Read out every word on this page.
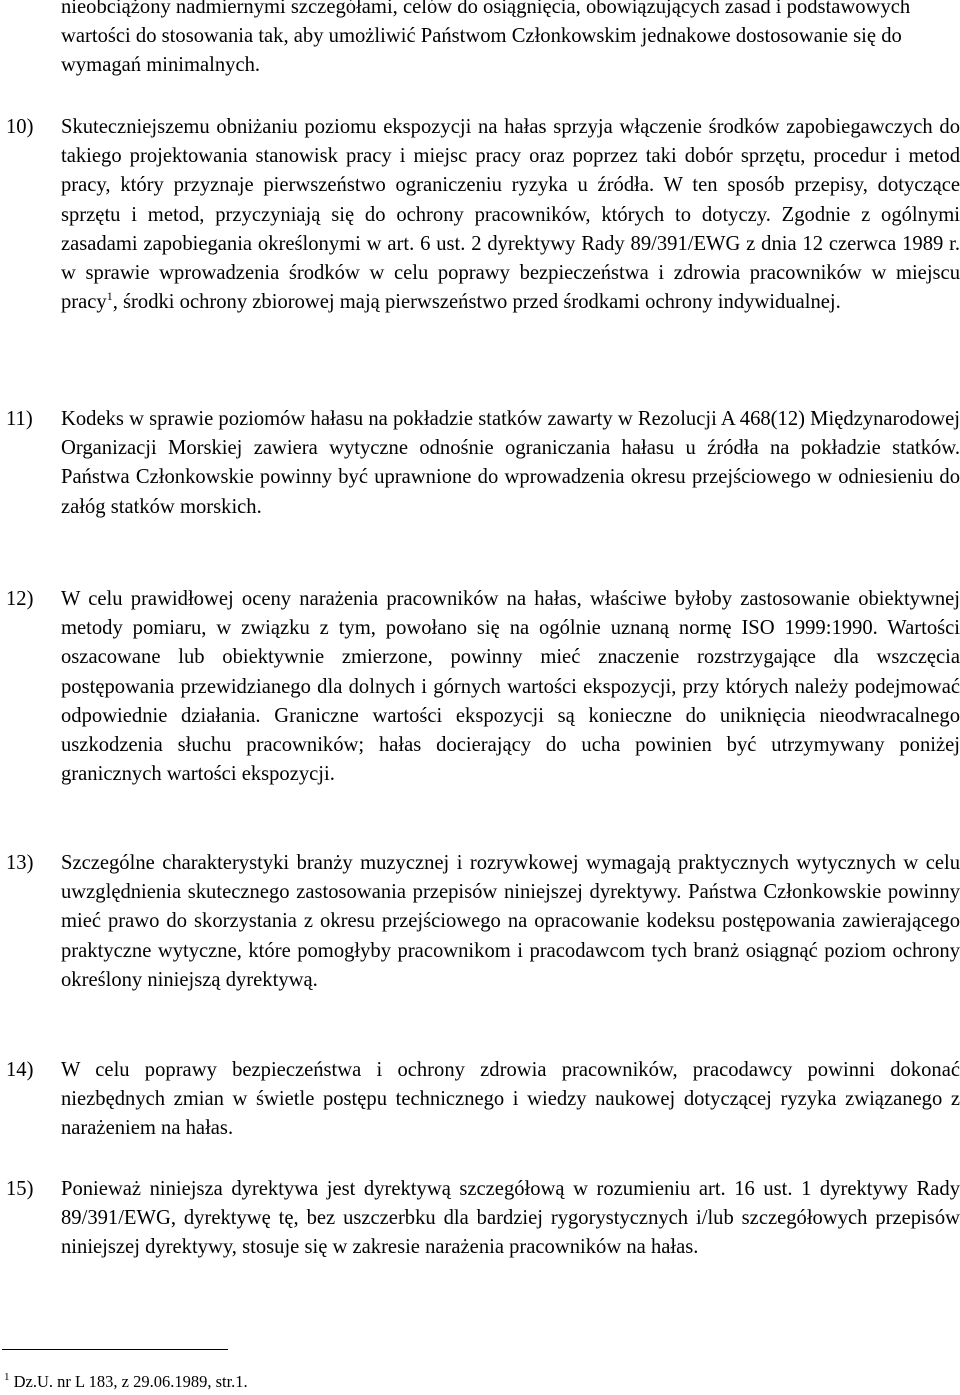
nieobciążony nadmiernymi szczegółami, celów do osiągnięcia, obowiązujących zasad i podstawowych wartości do stosowania tak, aby umożliwić Państwom Członkowskim jednakowe dostosowanie się do wymagań minimalnych.

10) Skuteczniejszemu obniżaniu poziomu ekspozycji na hałas sprzyja włączenie środków zapobiegawczych do takiego projektowania stanowisk pracy i miejsc pracy oraz poprzez taki dobór sprzętu, procedur i metod pracy, który przyznaje pierwszeństwo ograniczeniu ryzyka u źródła. W ten sposób przepisy, dotyczące sprzętu i metod, przyczyniają się do ochrony pracowników, których to dotyczy. Zgodnie z ogólnymi zasadami zapobiegania określonymi w art. 6 ust. 2 dyrektywy Rady 89/391/EWG z dnia 12 czerwca 1989 r. w sprawie wprowadzenia środków w celu poprawy bezpieczeństwa i zdrowia pracowników w miejscu pracy$^1$, środki ochrony zbiorowej mają pierwszeństwo przed środkami ochrony indywidualnej.
11) Kodeks w sprawie poziomów hałasu na pokładzie statków zawarty w Rezolucji A 468(12) Międzynarodowej Organizacji Morskiej zawiera wytyczne odnośnie ograniczania hałasu u źródła na pokładzie statków. Państwa Członkowskie powinny być uprawnione do wprowadzenia okresu przejściowego w odniesieniu do załóg statków morskich.
12) W celu prawidłowej oceny narażenia pracowników na hałas, właściwe byłoby zastosowanie obiektywnej metody pomiaru, w związku z tym, powołano się na ogólnie uznaną normę ISO 1999:1990. Wartości oszacowane lub obiektywnie zmierzone, powinny mieć znaczenie rozstrzygające dla wszczęcia postępowania przewidzianego dla dolnych i górnych wartości ekspozycji, przy których należy podejmować odpowiednie działania. Graniczne wartości ekspozycji są konieczne do uniknięcia nieodwracalnego uszkodzenia słuchu pracowników; hałas docierający do ucha powinien być utrzymywany poniżej granicznych wartości ekspozycji.
13) Szczególne charakterystyki branży muzycznej i rozrywkowej wymagają praktycznych wytycznych w celu uwzględnienia skutecznego zastosowania przepisów niniejszej dyrektywy. Państwa Członkowskie powinny mieć prawo do skorzystania z okresu przejściowego na opracowanie kodeksu postępowania zawierającego praktyczne wytyczne, które pomogłyby pracownikom i pracodawcom tych branż osiągnąć poziom ochrony określony niniejszą dyrektywą.
14) W celu poprawy bezpieczeństwa i ochrony zdrowia pracowników, pracodawcy powinni dokonać niezbędnych zmian w świetle postępu technicznego i wiedzy naukowej dotyczącej ryzyka związanego z narażeniem na hałas.
15) Ponieważ niniejsza dyrektywa jest dyrektywą szczegółową w rozumieniu art. 16 ust. 1 dyrektywy Rady 89/391/EWG, dyrektywę tę, bez uszczerbku dla bardziej rygorystycznych i/lub szczegółowych przepisów niniejszej dyrektywy, stosuje się w zakresie narażenia pracowników na hałas.
$^1$ Dz.U. nr L 183, z 29.06.1989, str.1.
